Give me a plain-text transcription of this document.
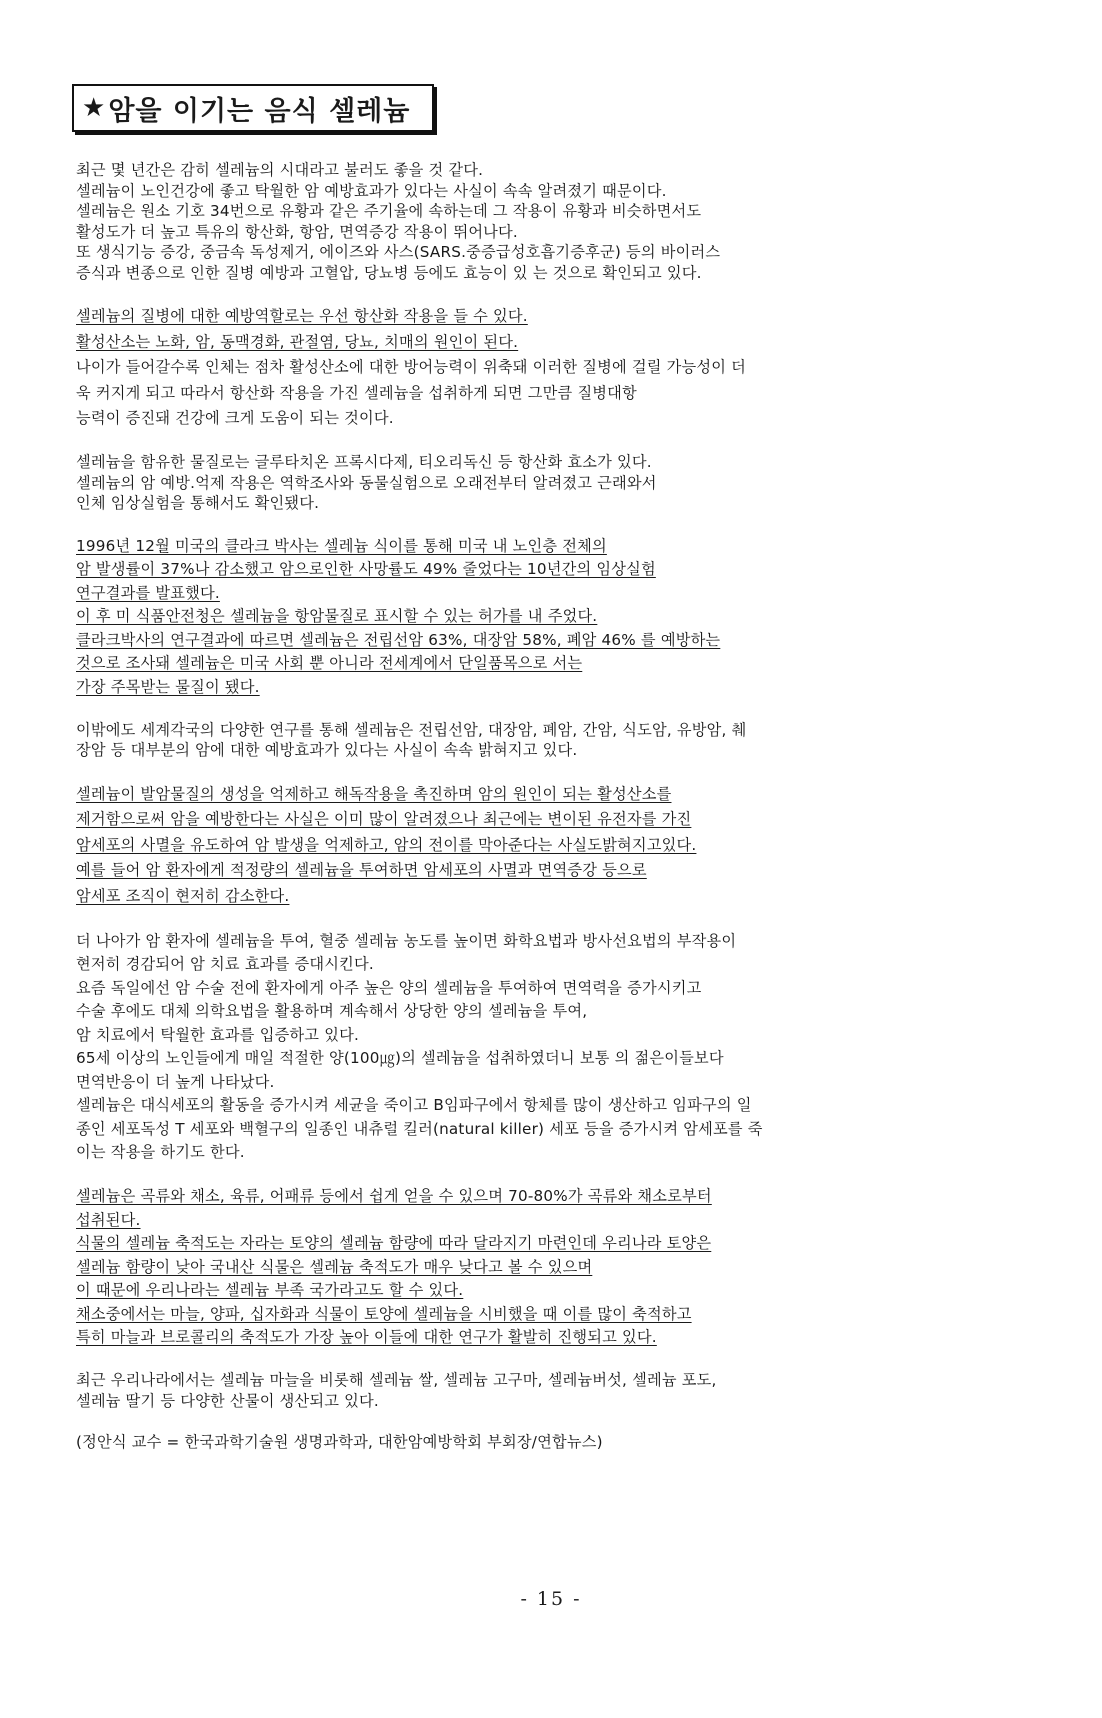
★ 암을 이기는 음식 셀레늄
최근 몇 년간은 감히 셀레늄의 시대라고 불러도 좋을 것 같다.
셀레늄이 노인건강에 좋고 탁월한 암 예방효과가 있다는 사실이 속속 알려졌기 때문이다.
셀레늄은 원소 기호 34번으로 유황과 같은 주기율에 속하는데 그 작용이 유황과 비슷하면서도
활성도가 더 높고 특유의 항산화, 항암, 면역증강 작용이 뛰어나다.
또 생식기능 증강, 중금속 독성제거, 에이즈와 사스(SARS.중증급성호흡기증후군) 등의 바이러스
증식과 변종으로 인한 질병 예방과 고혈압, 당뇨병 등에도 효능이 있 는 것으로 확인되고 있다.
셀레늄의 질병에 대한 예방역할로는 우선 항산화 작용을 들 수 있다.
활성산소는 노화, 암, 동맥경화, 관절염, 당뇨, 치매의 원인이 된다.
나이가 들어갈수록 인체는 점차 활성산소에 대한 방어능력이 위축돼 이러한 질병에 걸릴 가능성이 더
욱 커지게 되고 따라서 항산화 작용을 가진 셀레늄을 섭취하게 되면 그만큼 질병대항
능력이 증진돼 건강에 크게 도움이 되는 것이다.
셀레늄을 함유한 물질로는 글루타치온 프록시다제, 티오리독신 등 항산화 효소가 있다.
셀레늄의 암 예방.억제 작용은 역학조사와 동물실험으로 오래전부터 알려졌고 근래와서
인체 임상실험을 통해서도 확인됐다.
1996년 12월 미국의 클라크 박사는 셀레늄 식이를 통해 미국 내 노인층 전체의
암 발생률이 37%나 감소했고 암으로인한 사망률도 49% 줄었다는 10년간의 임상실험
연구결과를 발표했다.
이 후 미 식품안전청은 셀레늄을 항암물질로 표시할 수 있는 허가를 내 주었다.
클라크박사의 연구결과에 따르면 셀레늄은 전립선암 63%, 대장암 58%, 폐암 46% 를 예방하는
것으로 조사돼 셀레늄은 미국 사회 뿐 아니라 전세계에서 단일품목으로 서는
가장 주목받는 물질이 됐다.
이밖에도 세계각국의 다양한 연구를 통해 셀레늄은 전립선암, 대장암, 폐암, 간암, 식도암, 유방암, 췌
장암 등 대부분의 암에 대한 예방효과가 있다는 사실이 속속 밝혀지고 있다.
셀레늄이 발암물질의 생성을 억제하고 해독작용을 촉진하며 암의 원인이 되는 활성산소를
제거함으로써 암을 예방한다는 사실은 이미 많이 알려졌으나 최근에는 변이된 유전자를 가진
암세포의 사멸을 유도하여 암 발생을 억제하고, 암의 전이를 막아준다는 사실도밝혀지고있다.
예를 들어 암 환자에게 적정량의 셀레늄을 투여하면 암세포의 사멸과 면역증강 등으로
암세포 조직이 현저히 감소한다.
더 나아가 암 환자에 셀레늄을 투여, 혈중 셀레늄 농도를 높이면 화학요법과 방사선요법의 부작용이
현저히 경감되어 암 치료 효과를 증대시킨다.
요즘 독일에선 암 수술 전에 환자에게 아주 높은 양의 셀레늄을 투여하여 면역력을 증가시키고
수술 후에도 대체 의학요법을 활용하며 계속해서 상당한 양의 셀레늄을 투여,
암 치료에서 탁월한 효과를 입증하고 있다.
65세 이상의 노인들에게 매일 적절한 양(100㎍)의 셀레늄을 섭취하였더니 보통 의 젊은이들보다
면역반응이 더 높게 나타났다.
셀레늄은 대식세포의 활동을 증가시켜 세균을 죽이고 B임파구에서 항체를 많이 생산하고 임파구의 일
종인 세포독성 T 세포와 백혈구의 일종인 내츄럴 킬러(natural killer) 세포 등을 증가시켜 암세포를 죽
이는 작용을 하기도 한다.
셀레늄은 곡류와 채소, 육류, 어패류 등에서 쉽게 얻을 수 있으며 70-80%가 곡류와 채소로부터
섭취된다.
식물의 셀레늄 축적도는 자라는 토양의 셀레늄 함량에 따라 달라지기 마련인데 우리나라 토양은
셀레늄 함량이 낮아 국내산 식물은 셀레늄 축적도가 매우 낮다고 볼 수 있으며
이 때문에 우리나라는 셀레늄 부족 국가라고도 할 수 있다.
채소중에서는 마늘, 양파, 십자화과 식물이 토양에 셀레늄을 시비했을 때 이를 많이 축적하고
특히 마늘과 브로콜리의 축적도가 가장 높아 이들에 대한 연구가 활발히 진행되고 있다.
최근 우리나라에서는 셀레늄 마늘을 비롯해 셀레늄 쌀, 셀레늄 고구마, 셀레늄버섯, 셀레늄 포도,
셀레늄 딸기 등 다양한 산물이 생산되고 있다.
(정안식 교수 = 한국과학기술원 생명과학과, 대한암예방학회 부회장/연합뉴스)
- 15 -
